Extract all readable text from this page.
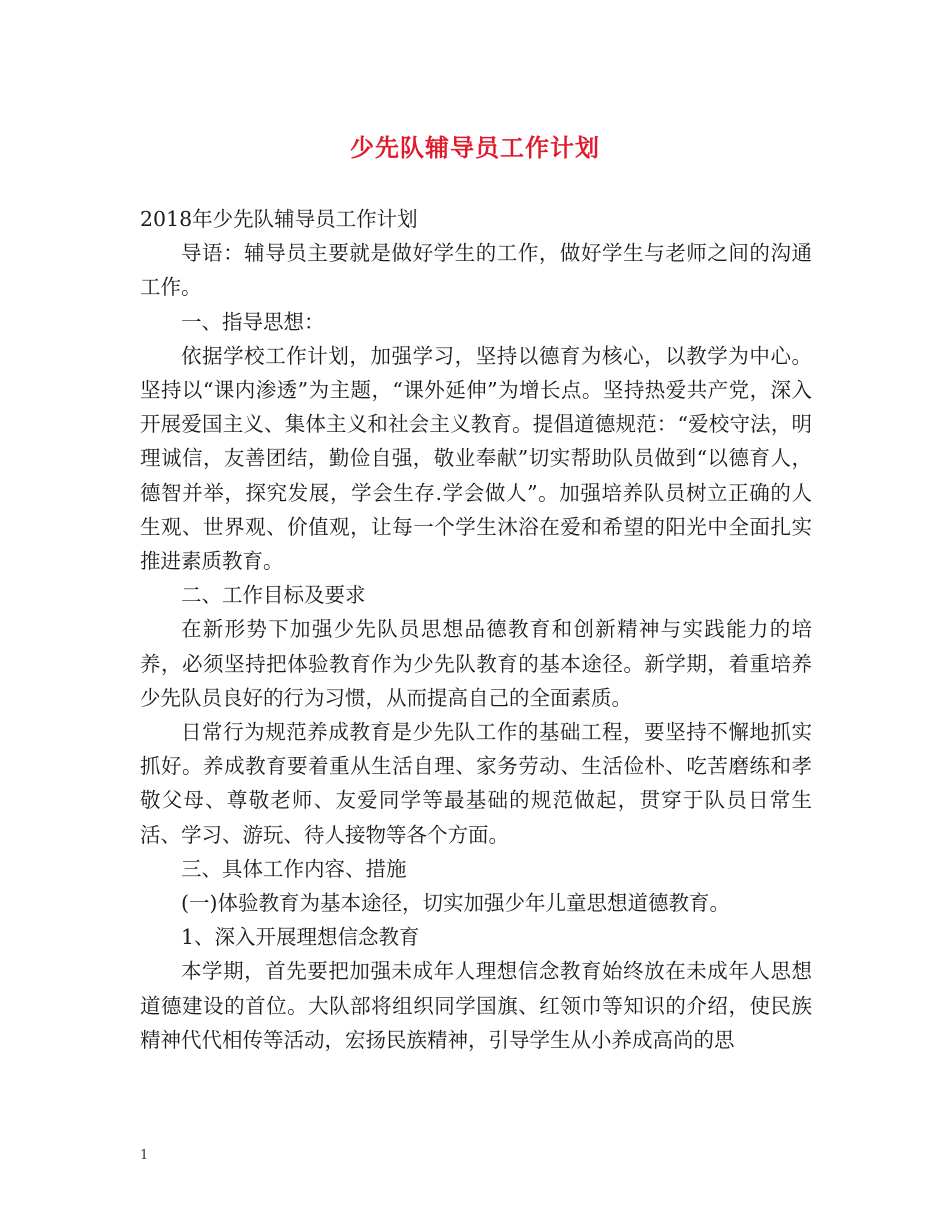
少先队辅导员工作计划

2018年少先队辅导员工作计划

导语：辅导员主要就是做好学生的工作，做好学生与老师之间的沟通工作。

一、指导思想：

依据学校工作计划，加强学习，坚持以德育为核心，以教学为中心。坚持以“课内渗透”为主题，“课外延伸”为增长点。坚持热爱共产党，深入开展爱国主义、集体主义和社会主义教育。提倡道德规范：“爱校守法，明理诚信，友善团结，勤俭自强，敬业奉献”切实帮助队员做到“以德育人，德智并举，探究发展，学会生存.学会做人”。加强培养队员树立正确的人生观、世界观、价值观，让每一个学生沐浴在爱和希望的阳光中全面扎实推进素质教育。

二、工作目标及要求

在新形势下加强少先队员思想品德教育和创新精神与实践能力的培养，必须坚持把体验教育作为少先队教育的基本途径。新学期，着重培养少先队员良好的行为习惯，从而提高自己的全面素质。

日常行为规范养成教育是少先队工作的基础工程，要坚持不懈地抓实抓好。养成教育要着重从生活自理、家务劳动、生活俭朴、吃苦磨练和孝敬父母、尊敬老师、友爱同学等最基础的规范做起，贯穿于队员日常生活、学习、游玩、待人接物等各个方面。

三、具体工作内容、措施

(一)体验教育为基本途径，切实加强少年儿童思想道德教育。

1、深入开展理想信念教育

本学期，首先要把加强未成年人理想信念教育始终放在未成年人思想道德建设的首位。大队部将组织同学国旗、红领巾等知识的介绍，使民族精神代代相传等活动，宏扬民族精神，引导学生从小养成高尚的思

1
